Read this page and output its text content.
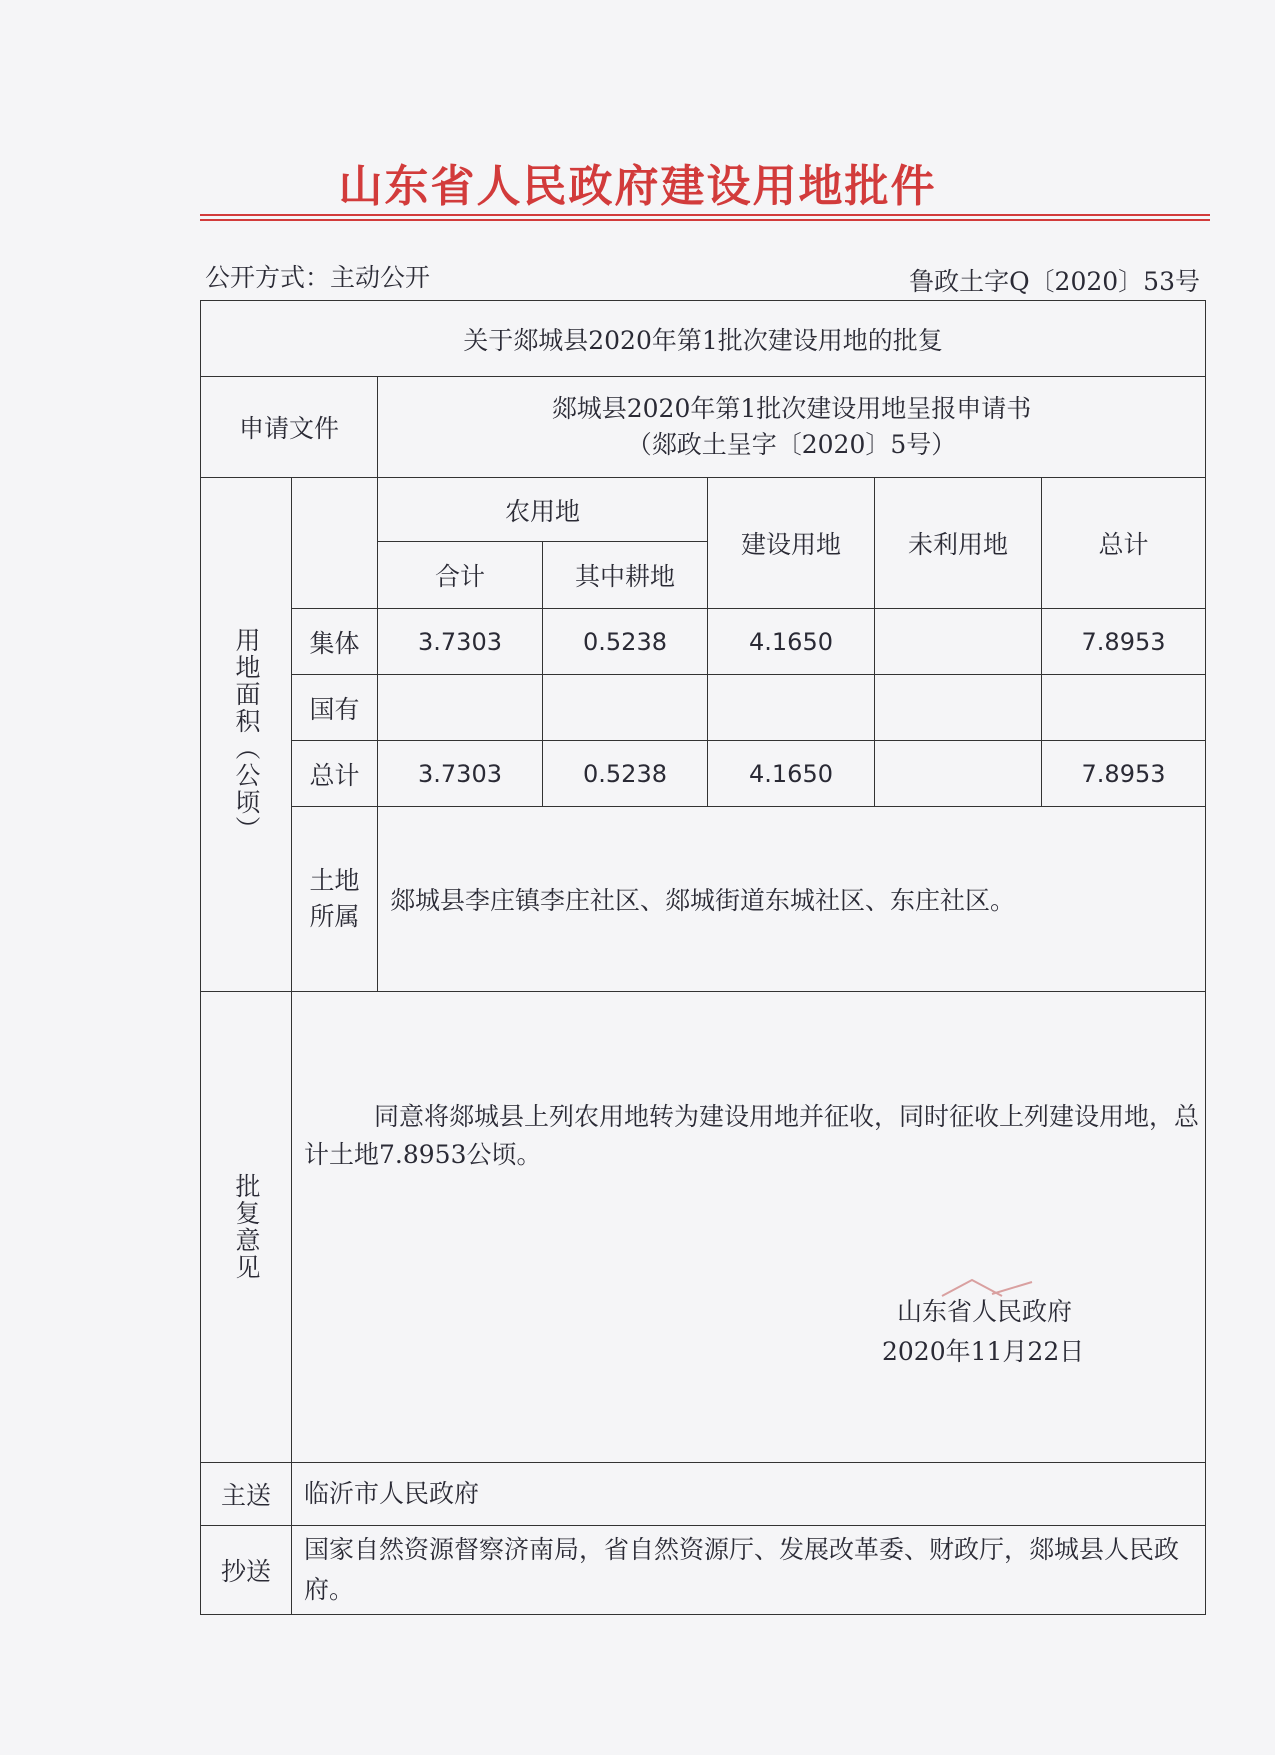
山东省人民政府建设用地批件
公开方式：主动公开	鲁政土字Q〔2020〕53号
关于郯城县2020年第1批次建设用地的批复						
申请文件		郯城县2020年第1批次建设用地呈报申请书
（郯政土呈字〔2020〕5号）				

用地面积（公顷）		农用地		建设用地	未利用地	总计
		合计	其中耕地			
	集体	3.7303	0.5238	4.1650		7.8953
	国有					
	总计	3.7303	0.5238	4.1650		7.8953

	土地所属	郯城县李庄镇李庄社区、郯城街道东城社区、东庄社区。				

批复意见	同意将郯城县上列农用地转为建设用地并征收，同时征收上列建设用地，总计土地7.8953公顷。
山东省人民政府
2020年11月22日					

主送	临沂市人民政府					
抄送	国家自然资源督察济南局，省自然资源厅、发展改革委、财政厅，郯城县人民政府。					
